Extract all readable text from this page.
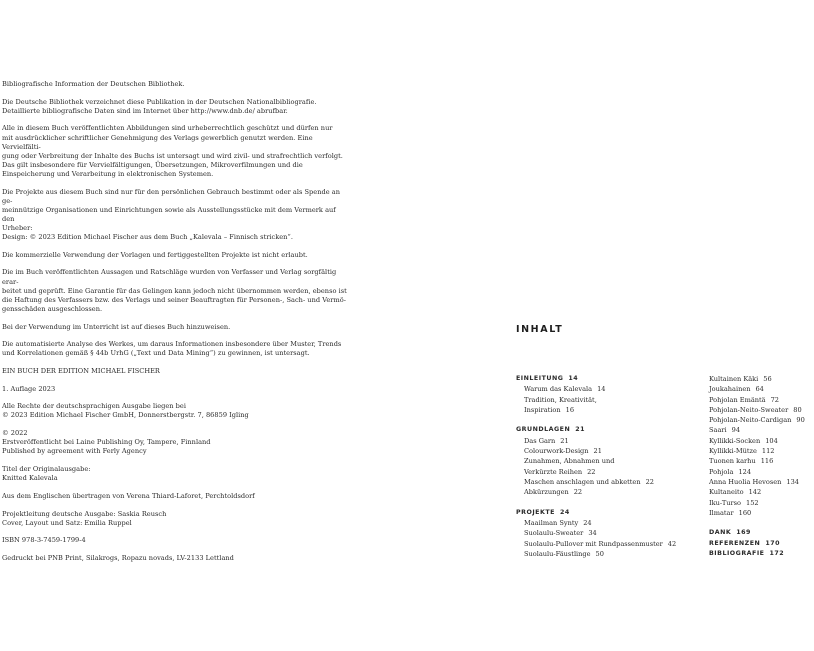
Bibliografische Information der Deutschen Bibliothek.

Die Deutsche Bibliothek verzeichnet diese Publikation in der Deutschen Nationalbibliografie.
Detaillierte bibliografische Daten sind im Internet über http://www.dnb.de/ abrufbar.

Alle in diesem Buch veröffentlichten Abbildungen sind urheberrechtlich geschützt und dürfen nur
mit ausdrücklicher schriftlicher Genehmigung des Verlags gewerblich genutzt werden. Eine Vervielfälti-
gung oder Verbreitung der Inhalte des Buchs ist untersagt und wird zivil- und strafrechtlich verfolgt.
Das gilt insbesondere für Vervielfältigungen, Übersetzungen, Mikroverfilmungen und die
Einspeicherung und Verarbeitung in elektronischen Systemen.

Die Projekte aus diesem Buch sind nur für den persönlichen Gebrauch bestimmt oder als Spende an ge-
meinnützige Organisationen und Einrichtungen sowie als Ausstellungsstücke mit dem Vermerk auf den
Urheber:
Design: © 2023 Edition Michael Fischer aus dem Buch „Kalevala – Finnisch stricken“.

Die kommerzielle Verwendung der Vorlagen und fertiggestellten Projekte ist nicht erlaubt.

Die im Buch veröffentlichten Aussagen und Ratschläge wurden von Verfasser und Verlag sorgfältig erar-
beitet und geprüft. Eine Garantie für das Gelingen kann jedoch nicht übernommen werden, ebenso ist
die Haftung des Verfassers bzw. des Verlags und seiner Beauftragten für Personen-, Sach- und Vermö-
gensschäden ausgeschlossen.

Bei der Verwendung im Unterricht ist auf dieses Buch hinzuweisen.

Die automatisierte Analyse des Werkes, um daraus Informationen insbesondere über Muster, Trends
und Korrelationen gemäß § 44b UrhG („Text und Data Mining“) zu gewinnen, ist untersagt.

EIN BUCH DER EDITION MICHAEL FISCHER

1. Auflage 2023

Alle Rechte der deutschsprachigen Ausgabe liegen bei
© 2023 Edition Michael Fischer GmbH, Donnerstbergstr. 7, 86859 Igling

© 2022
Erstveröffentlicht bei Laine Publishing Oy, Tampere, Finnland
Published by agreement with Ferly Agency

Titel der Originalausgabe:
Knitted Kalevala

Aus dem Englischen übertragen von Verena Thiard-Laforet, Perchtoldsdorf

Projektleitung deutsche Ausgabe: Saskia Reusch
Cover, Layout und Satz: Emilia Ruppel

ISBN 978-3-7459-1799-4

Gedruckt bei PNB Print, Silakrogs, Ropazu novads, LV-2133 Lettland

INHALT
EINLEITUNG 14
Warum das Kalevala 14
Tradition, Kreativität,
Inspiration 16
GRUNDLAGEN 21
Das Garn 21
Colourwork-Design 21
Zunahmen, Abnahmen und
Verkürzte Reihen 22
Maschen anschlagen und abketten 22
Abkürzungen 22
PROJEKTE 24
Maailman Synty 24
Suolaulu-Sweater 34
Suolaulu-Pullover mit Rundpassenmuster 42
Suolaulu-Fäustlinge 50
Kultainen Käki 56
Joukahainen 64
Pohjolan Emäntä 72
Pohjolan-Neito-Sweater 80
Pohjolan-Neito-Cardigan 90
Saari 94
Kyllikki-Socken 104
Kyllikki-Mütze 112
Tuonen karhu 116
Pohjola 124
Anna Huolia Hevosen 134
Kultaneito 142
Iku-Turso 152
Ilmatar 160
DANK 169
REFERENZEN 170
BIBLIOGRAFIE 172
